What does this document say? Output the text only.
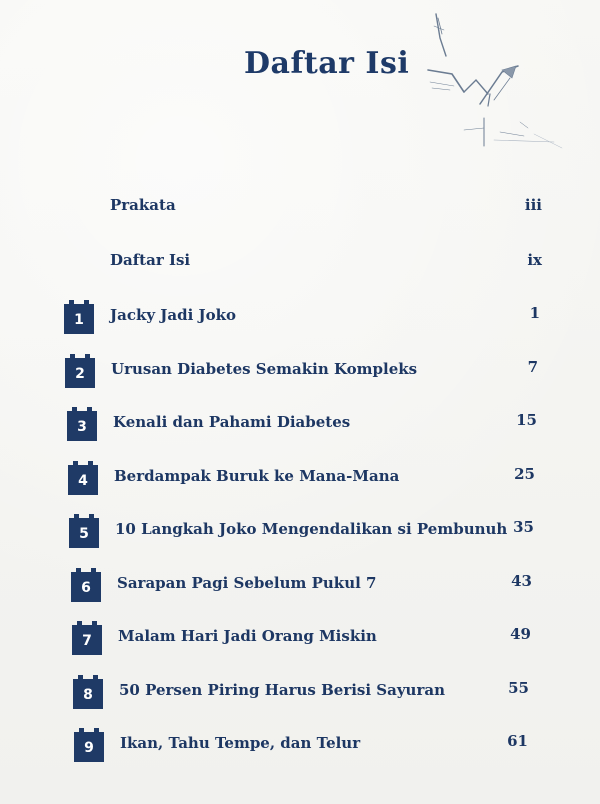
Daftar Isi
Prakata	iii
Daftar Isi	ix
1	Jacky Jadi Joko	1
2	Urusan Diabetes Semakin Kompleks	7
3	Kenali dan Pahami Diabetes	15
4	Berdampak Buruk ke Mana-Mana	25
5	10 Langkah Joko Mengendalikan si Pembunuh 35
6	Sarapan Pagi Sebelum Pukul 7	43
7	Malam Hari Jadi Orang Miskin	49
8	50 Persen Piring Harus Berisi Sayuran	55
9	Ikan, Tahu Tempe, dan Telur	61
